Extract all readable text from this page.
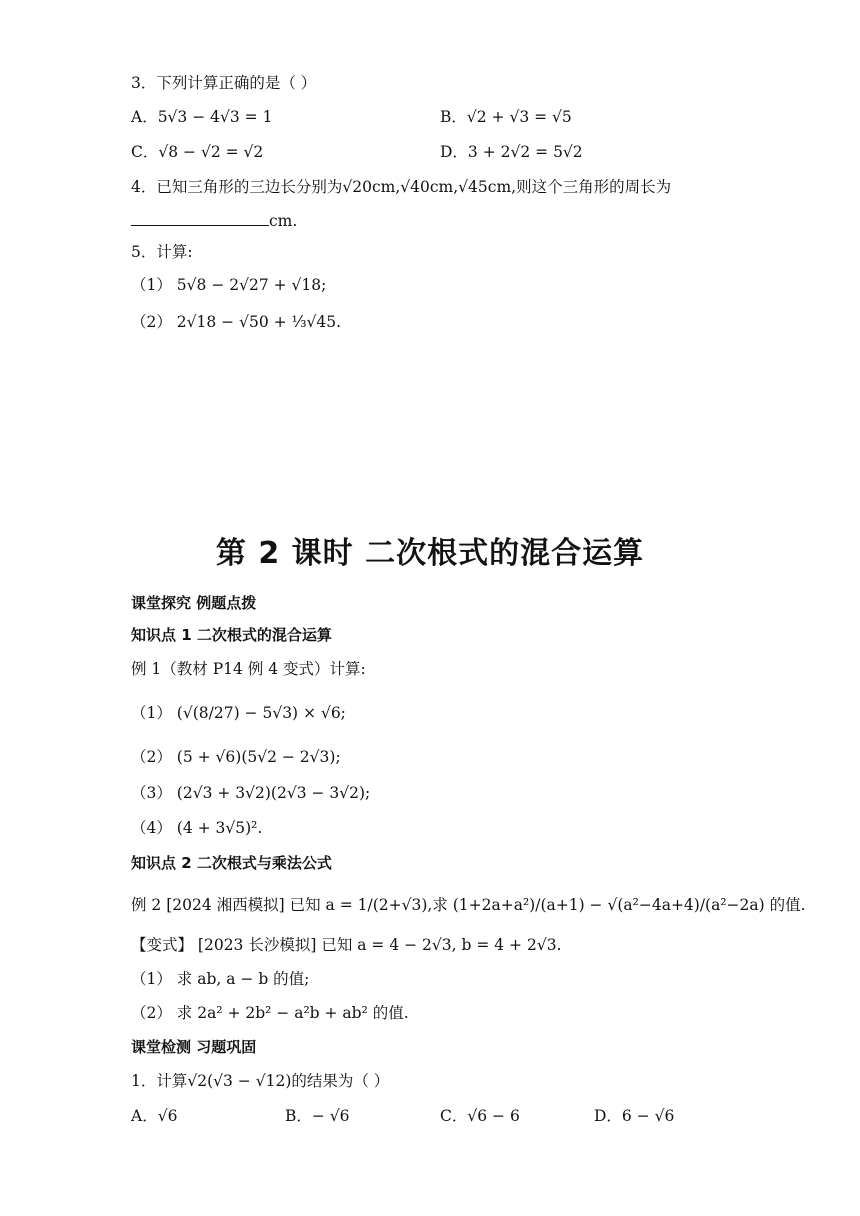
3．下列计算正确的是（ ）
A．5√3 − 4√3 = 1	B．√2 + √3 = √5
C．√8 − √2 = √2	D．3 + 2√2 = 5√2
4．已知三角形的三边长分别为√20cm,√40cm,√45cm,则这个三角形的周长为
cm.
5．计算:
（1） 5√8 − 2√27 + √18;
（2） 2√18 − √50 + ⅓√45.
第 2 课时 二次根式的混合运算
课堂探究 例题点拨
知识点 1 二次根式的混合运算
例 1（教材 P14 例 4 变式）计算:
（1） (√(8/27) − 5√3) × √6;
（2） (5 + √6)(5√2 − 2√3);
（3） (2√3 + 3√2)(2√3 − 3√2);
（4） (4 + 3√5)².
知识点 2 二次根式与乘法公式
例 2 [2024 湘西模拟] 已知 a = 1/(2+√3),求 (1+2a+a²)/(a+1) − √(a²−4a+4)/(a²−2a) 的值.
【变式】 [2023 长沙模拟] 已知 a = 4 − 2√3, b = 4 + 2√3.
（1） 求 ab, a − b 的值;
（2） 求 2a² + 2b² − a²b + ab² 的值.
课堂检测 习题巩固
1．计算√2(√3 − √12)的结果为（ ）
A．√6	B．− √6	C．√6 − 6	D．6 − √6
